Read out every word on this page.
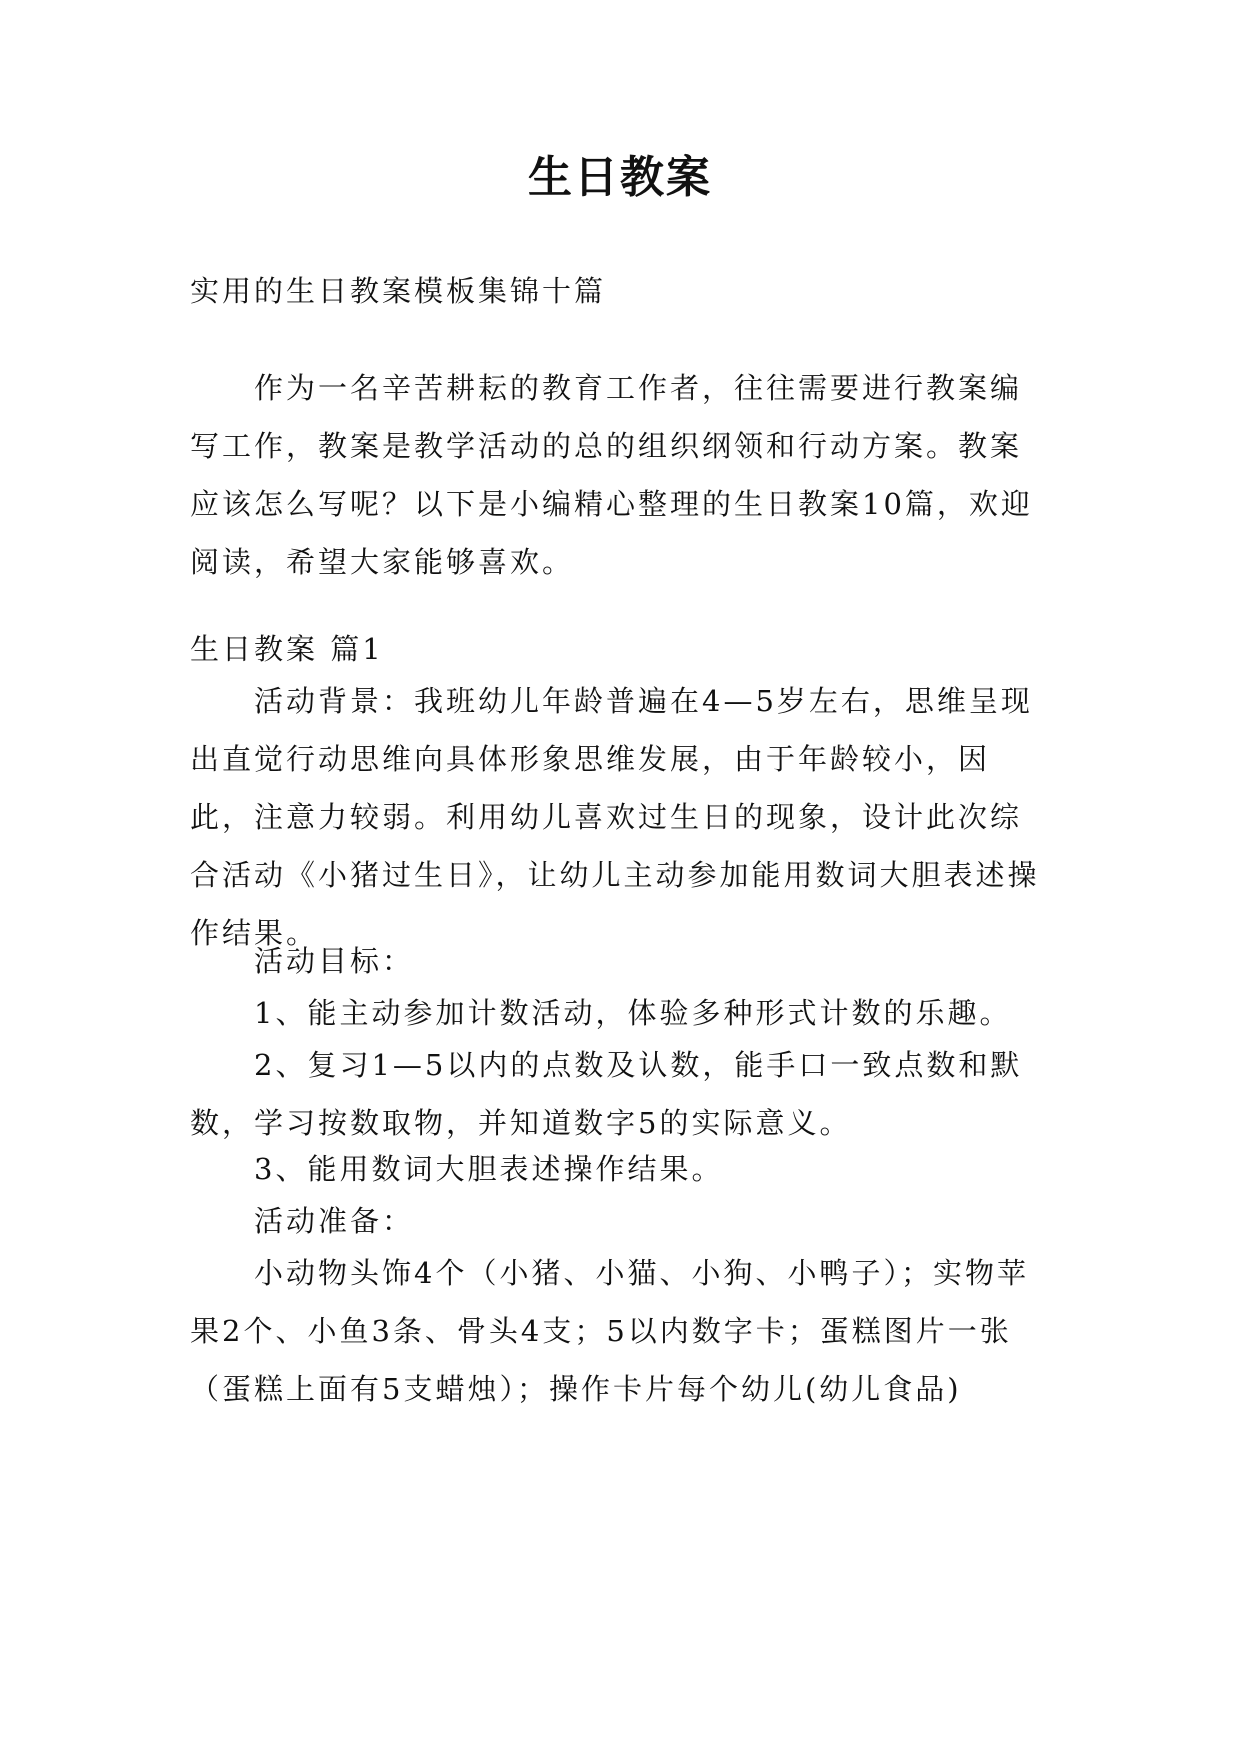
生日教案

实用的生日教案模板集锦十篇

作为一名辛苦耕耘的教育工作者，往往需要进行教案编写工作，教案是教学活动的总的组织纲领和行动方案。教案应该怎么写呢？以下是小编精心整理的生日教案10篇，欢迎阅读，希望大家能够喜欢。

生日教案 篇1

活动背景：我班幼儿年龄普遍在4—5岁左右，思维呈现出直觉行动思维向具体形象思维发展，由于年龄较小，因此，注意力较弱。利用幼儿喜欢过生日的现象，设计此次综合活动《小猪过生日》，让幼儿主动参加能用数词大胆表述操作结果。

活动目标：

1、能主动参加计数活动，体验多种形式计数的乐趣。

2、复习1—5以内的点数及认数，能手口一致点数和默数，学习按数取物，并知道数字5的实际意义。

3、能用数词大胆表述操作结果。

活动准备：

小动物头饰4个（小猪、小猫、小狗、小鸭子）；实物苹果2个、小鱼3条、骨头4支；5以内数字卡；蛋糕图片一张（蛋糕上面有5支蜡烛）；操作卡片每个幼儿(幼儿食品)
